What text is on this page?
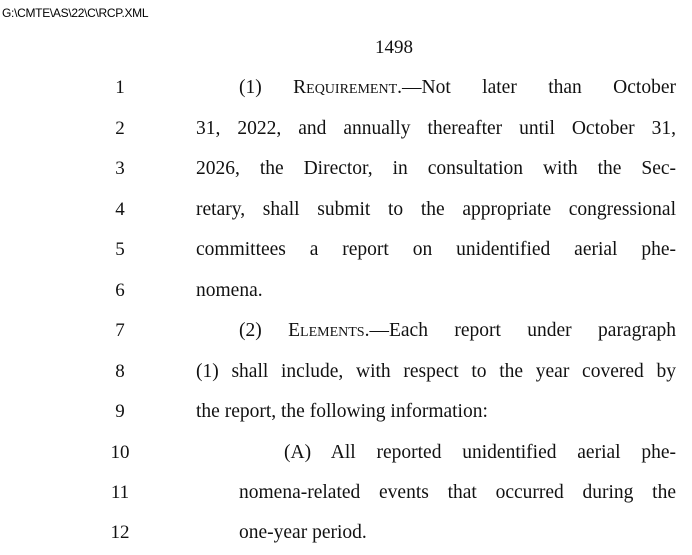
G:\CMTE\AS\22\C\RCP.XML
1498
1	(1) Requirement.—Not later than October
2	31, 2022, and annually thereafter until October 31,
3	2026, the Director, in consultation with the Sec-
4	retary, shall submit to the appropriate congressional
5	committees a report on unidentified aerial phe-
6	nomena.
7	(2) Elements.—Each report under paragraph
8	(1) shall include, with respect to the year covered by
9	the report, the following information:
10	(A) All reported unidentified aerial phe-
11	nomena-related events that occurred during the
12	one-year period.
